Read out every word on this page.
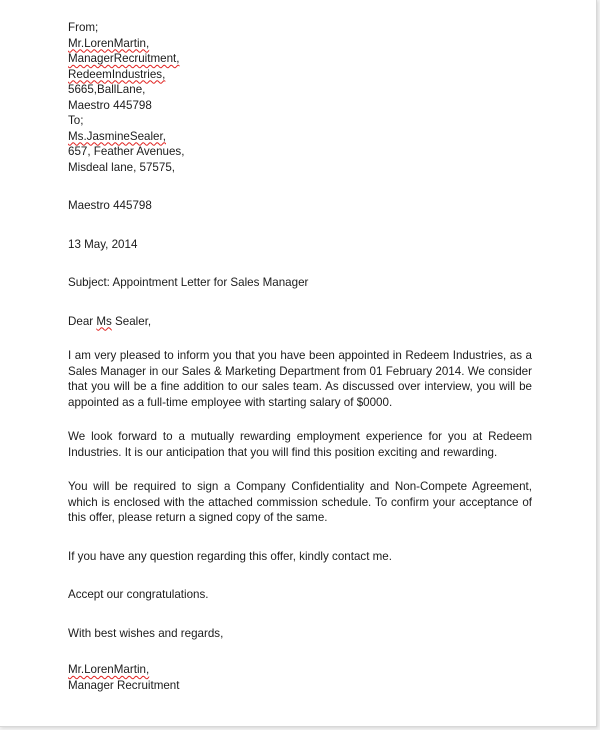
From;
Mr.LorenMartin,
ManagerRecruitment,
RedeemIndustries,
5665,BallLane,
Maestro 445798
To;
Ms.JasmineSealer,
657, Feather Avenues,
Misdeal lane, 57575,
Maestro 445798
13 May, 2014
Subject: Appointment Letter for Sales Manager
Dear Ms Sealer,

I am very pleased to inform you that you have been appointed in Redeem Industries, as a Sales Manager in our Sales & Marketing Department from 01 February 2014. We consider that you will be a fine addition to our sales team. As discussed over interview, you will be appointed as a full-time employee with starting salary of $0000.

We look forward to a mutually rewarding employment experience for you at Redeem Industries. It is our anticipation that you will find this position exciting and rewarding.

You will be required to sign a Company Confidentiality and Non-Compete Agreement, which is enclosed with the attached commission schedule. To confirm your acceptance of this offer, please return a signed copy of the same.

If you have any question regarding this offer, kindly contact me.

Accept our congratulations.

With best wishes and regards,
Mr.LorenMartin,
Manager Recruitment
